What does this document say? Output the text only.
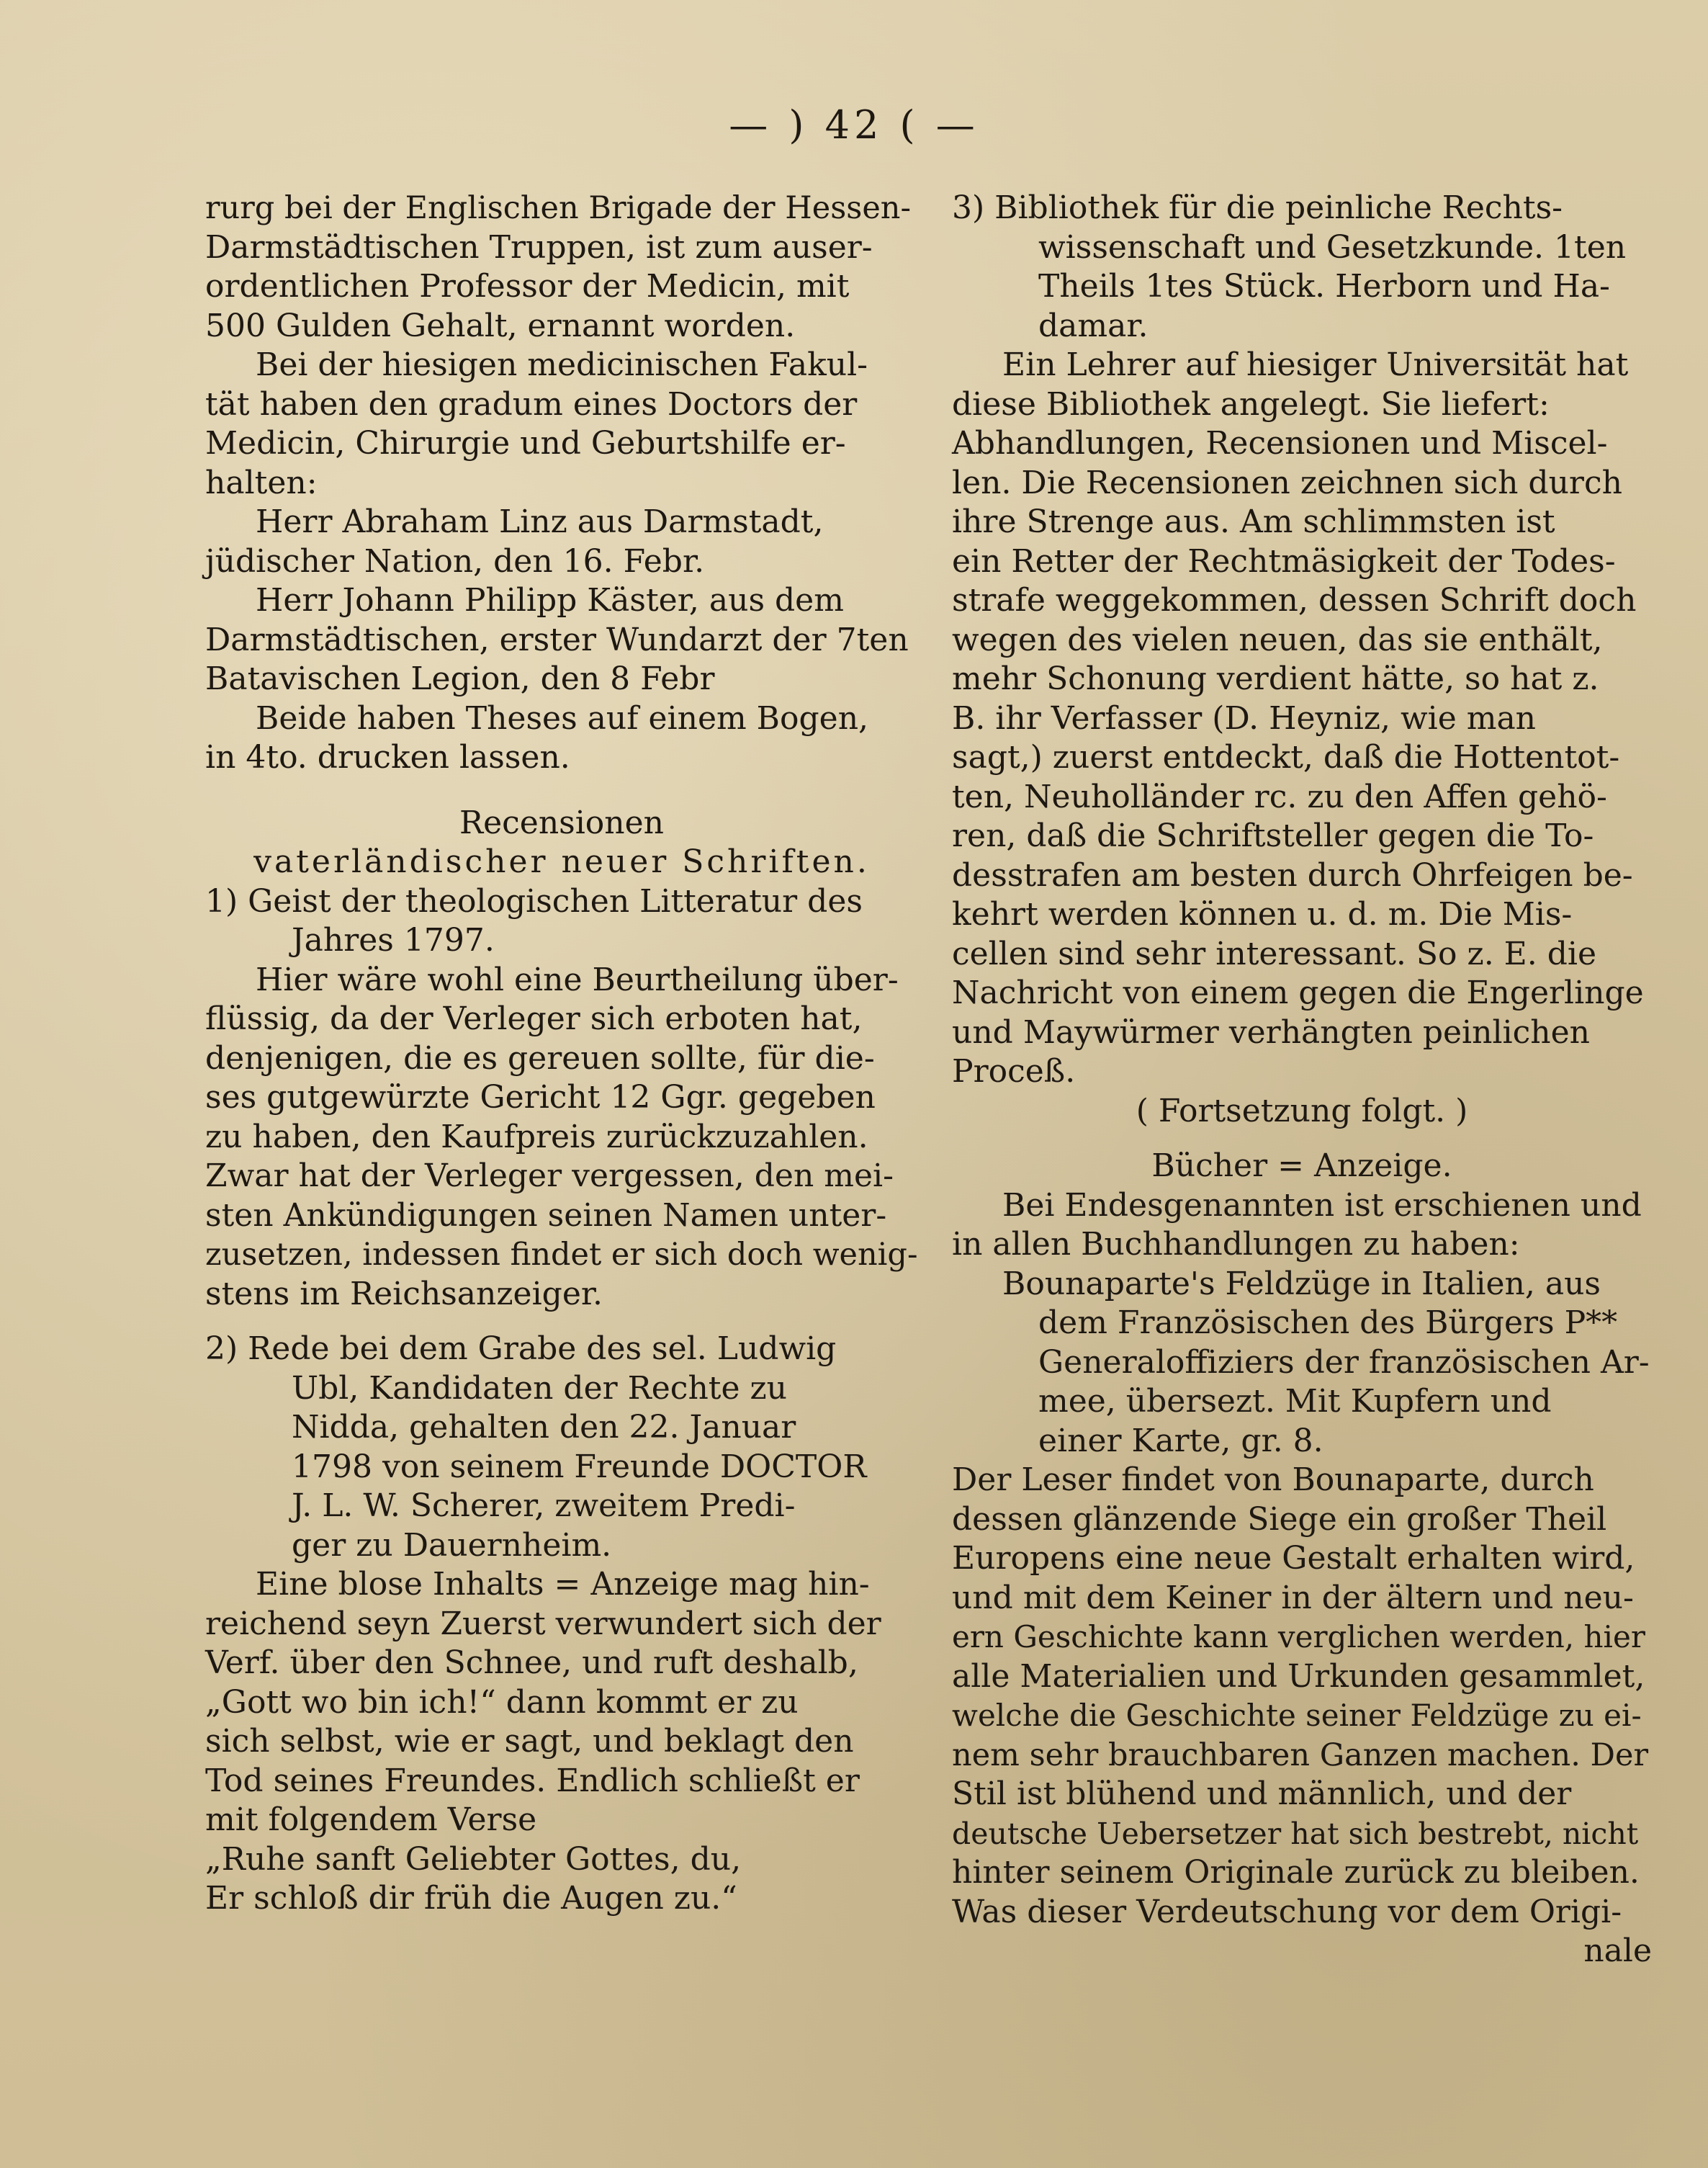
— ) 42 ( —
rurg bei der Englischen Brigade der Hessen-
Darmstädtischen Truppen, ist zum auser-
ordentlichen Professor der Medicin, mit
500 Gulden Gehalt, ernannt worden.
Bei der hiesigen medicinischen Fakul-
tät haben den gradum eines Doctors der
Medicin, Chirurgie und Geburtshilfe er-
halten:
Herr Abraham Linz aus Darmstadt,
jüdischer Nation, den 16. Febr.
Herr Johann Philipp Käster, aus dem
Darmstädtischen, erster Wundarzt der 7ten
Batavischen Legion, den 8 Febr
Beide haben Theses auf einem Bogen,
in 4to. drucken lassen.
Recensionen
vaterländischer neuer Schriften.
1) Geist der theologischen Litteratur des
Jahres 1797.
Hier wäre wohl eine Beurtheilung über-
flüssig, da der Verleger sich erboten hat,
denjenigen, die es gereuen sollte, für die-
ses gutgewürzte Gericht 12 Ggr. gegeben
zu haben, den Kaufpreis zurückzuzahlen.
Zwar hat der Verleger vergessen, den mei-
sten Ankündigungen seinen Namen unter-
zusetzen, indessen findet er sich doch wenig-
stens im Reichsanzeiger.
2) Rede bei dem Grabe des sel. Ludwig
Ubl, Kandidaten der Rechte zu
Nidda, gehalten den 22. Januar
1798 von seinem Freunde DOCTOR
J. L. W. Scherer, zweitem Predi-
ger zu Dauernheim.
Eine blose Inhalts = Anzeige mag hin-
reichend seyn Zuerst verwundert sich der
Verf. über den Schnee, und ruft deshalb,
„Gott wo bin ich!“ dann kommt er zu
sich selbst, wie er sagt, und beklagt den
Tod seines Freundes. Endlich schließt er
mit folgendem Verse
„Ruhe sanft Geliebter Gottes, du,
Er schloß dir früh die Augen zu.“
3) Bibliothek für die peinliche Rechts-
wissenschaft und Gesetzkunde. 1ten
Theils 1tes Stück. Herborn und Ha-
damar.
Ein Lehrer auf hiesiger Universität hat
diese Bibliothek angelegt. Sie liefert:
Abhandlungen, Recensionen und Miscel-
len. Die Recensionen zeichnen sich durch
ihre Strenge aus. Am schlimmsten ist
ein Retter der Rechtmäsigkeit der Todes-
strafe weggekommen, dessen Schrift doch
wegen des vielen neuen, das sie enthält,
mehr Schonung verdient hätte, so hat z.
B. ihr Verfasser (D. Heyniz, wie man
sagt,) zuerst entdeckt, daß die Hottentot-
ten, Neuholländer rc. zu den Affen gehö-
ren, daß die Schriftsteller gegen die To-
desstrafen am besten durch Ohrfeigen be-
kehrt werden können u. d. m. Die Mis-
cellen sind sehr interessant. So z. E. die
Nachricht von einem gegen die Engerlinge
und Maywürmer verhängten peinlichen
Proceß.
( Fortsetzung folgt. )
Bücher = Anzeige.
Bei Endesgenannten ist erschienen und
in allen Buchhandlungen zu haben:
Bounaparte's Feldzüge in Italien, aus
dem Französischen des Bürgers P**
Generaloffiziers der französischen Ar-
mee, übersezt. Mit Kupfern und
einer Karte, gr. 8.
Der Leser findet von Bounaparte, durch
dessen glänzende Siege ein großer Theil
Europens eine neue Gestalt erhalten wird,
und mit dem Keiner in der ältern und neu-
ern Geschichte kann verglichen werden, hier
alle Materialien und Urkunden gesammlet,
welche die Geschichte seiner Feldzüge zu ei-
nem sehr brauchbaren Ganzen machen. Der
Stil ist blühend und männlich, und der
deutsche Uebersetzer hat sich bestrebt, nicht
hinter seinem Originale zurück zu bleiben.
Was dieser Verdeutschung vor dem Origi-
nale
